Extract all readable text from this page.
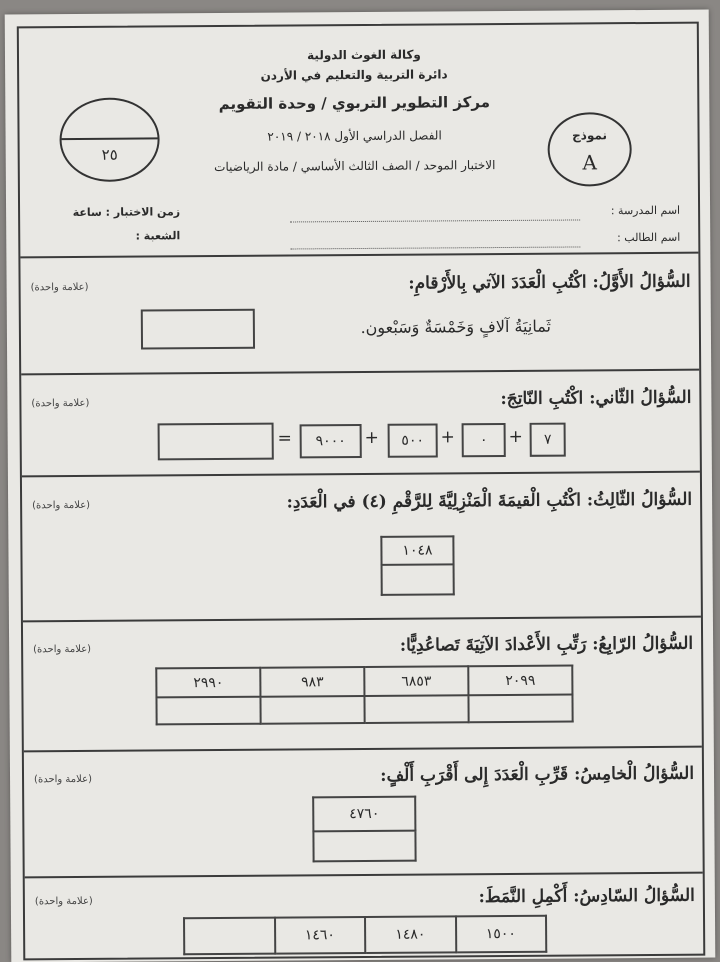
وكالة الغوث الدولية
دائرة التربية والتعليم في الأردن
مركز التطوير التربوي / وحدة التقويم
الفصل الدراسي الأول ٢٠١٨ / ٢٠١٩
الاختبار الموحد / الصف الثالث الأساسي / مادة الرياضيات
٢٥
نموذج
A
اسم المدرسة :
اسم الطالب :
زمن الاختبار : ساعة
الشعبة :
السُّؤالُ الأَوَّلُ: اكْتُبِ الْعَدَدَ الآتي بِالأَرْقامِ:
(علامة واحدة)
ثَمانِيَةُ آلافٍ وَخَمْسَةٌ وَسَبْعون.
السُّؤالُ الثّاني: اكْتُبِ النّاتِجَ:
(علامة واحدة)
=	٩٠٠٠	+	٥٠٠ +	٠	+	٧
السُّؤالُ الثّالِثُ: اكْتُبِ الْقيمَةَ الْمَنْزِلِيَّةَ لِلرَّقْمِ (٤) في الْعَدَدِ:
(علامة واحدة)
١٠٤٨

السُّؤالُ الرّابِعُ: رَتِّبِ الأَعْدادَ الآتِيَةَ تَصاعُدِيًّا:
(علامة واحدة)
٢٩٩٠	٩٨٣	٦٨٥٣	٢٠٩٩

السُّؤالُ الْخامِسُ: قَرِّبِ الْعَدَدَ إِلى أَقْرَبِ أَلْفٍ:
(علامة واحدة)
٤٧٦٠

السُّؤالُ السّادِسُ: أَكْمِلِ النَّمَطَ:
(علامة واحدة)
	١٤٦٠	١٤٨٠	١٥٠٠
